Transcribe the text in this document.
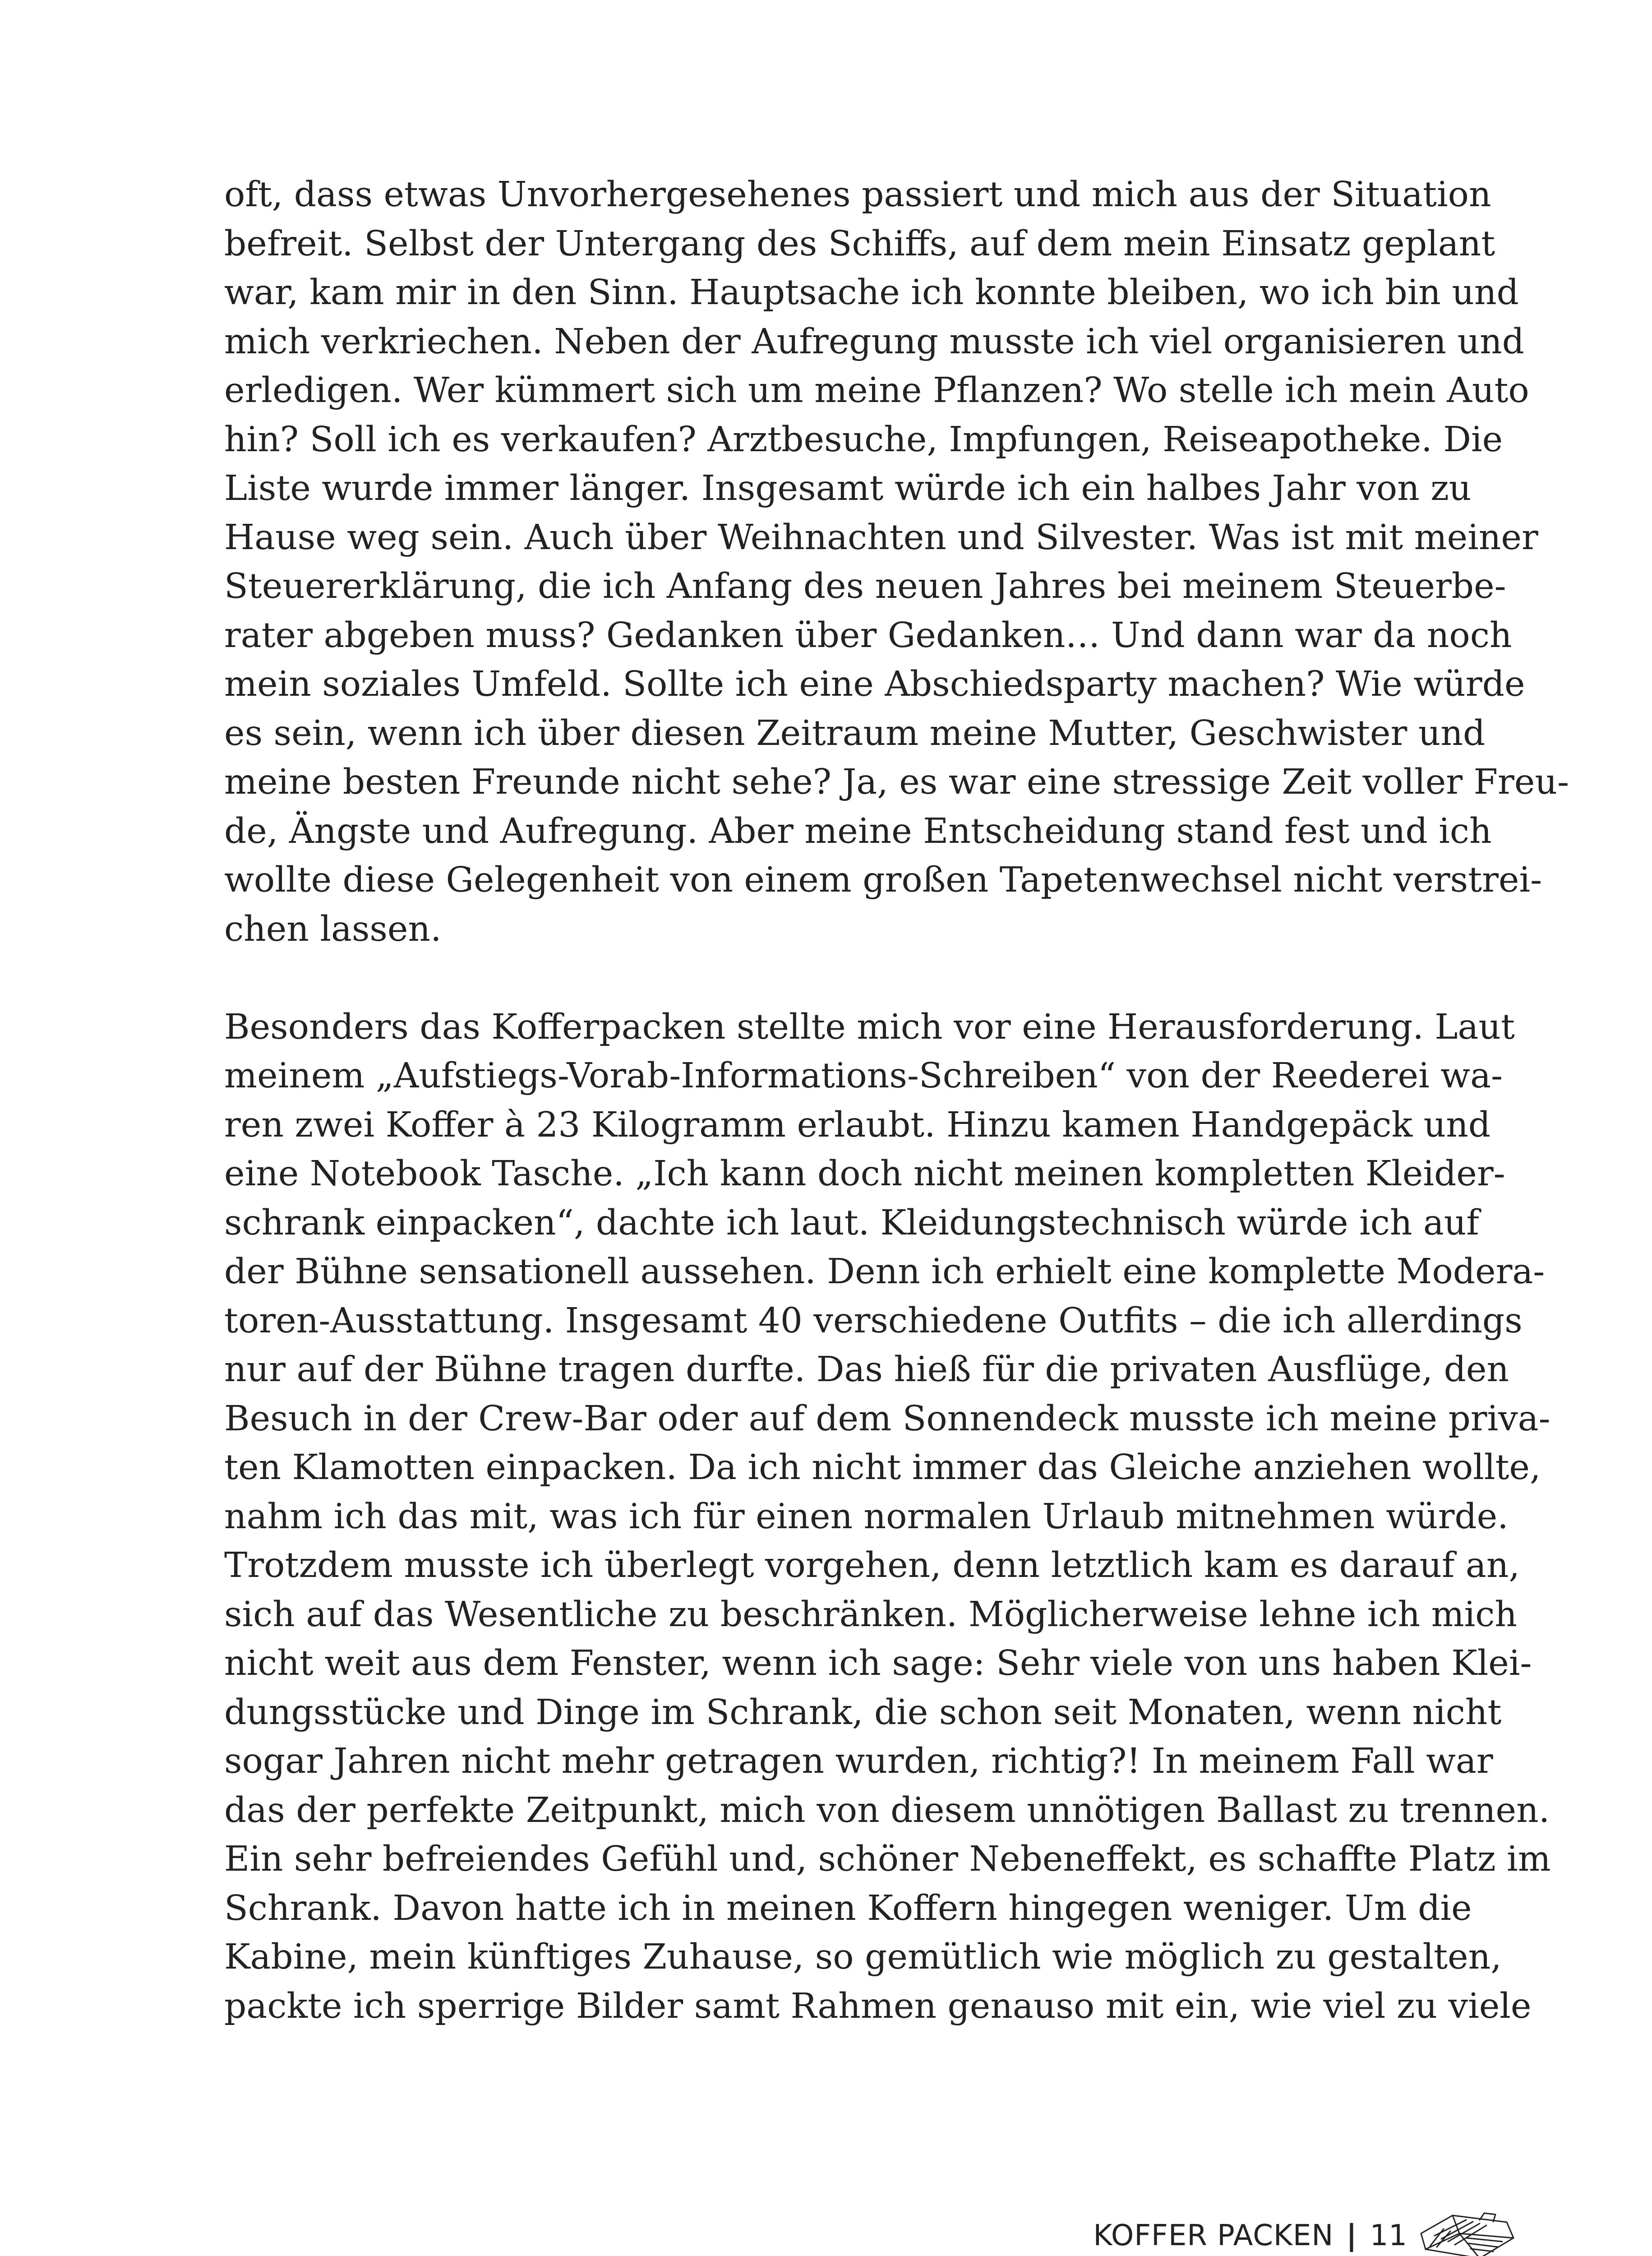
oft, dass etwas Unvorhergesehenes passiert und mich aus der Situation
befreit. Selbst der Untergang des Schiffs, auf dem mein Einsatz geplant
war, kam mir in den Sinn. Hauptsache ich konnte bleiben, wo ich bin und
mich verkriechen. Neben der Aufregung musste ich viel organisieren und
erledigen. Wer kümmert sich um meine Pflanzen? Wo stelle ich mein Auto
hin? Soll ich es verkaufen? Arztbesuche, Impfungen, Reiseapotheke. Die
Liste wurde immer länger. Insgesamt würde ich ein halbes Jahr von zu
Hause weg sein. Auch über Weihnachten und Silvester. Was ist mit meiner
Steuererklärung, die ich Anfang des neuen Jahres bei meinem Steuerbe-
rater abgeben muss? Gedanken über Gedanken… Und dann war da noch
mein soziales Umfeld. Sollte ich eine Abschiedsparty machen? Wie würde
es sein, wenn ich über diesen Zeitraum meine Mutter, Geschwister und
meine besten Freunde nicht sehe? Ja, es war eine stressige Zeit voller Freu-
de, Ängste und Aufregung. Aber meine Entscheidung stand fest und ich
wollte diese Gelegenheit von einem großen Tapetenwechsel nicht verstrei-
chen lassen.
Besonders das Kofferpacken stellte mich vor eine Herausforderung. Laut
meinem „Aufstiegs-Vorab-Informations-Schreiben“ von der Reederei wa-
ren zwei Koffer à 23 Kilogramm erlaubt. Hinzu kamen Handgepäck und
eine Notebook Tasche. „Ich kann doch nicht meinen kompletten Kleider-
schrank einpacken“, dachte ich laut. Kleidungstechnisch würde ich auf
der Bühne sensationell aussehen. Denn ich erhielt eine komplette Modera-
toren-Ausstattung. Insgesamt 40 verschiedene Outfits – die ich allerdings
nur auf der Bühne tragen durfte. Das hieß für die privaten Ausflüge, den
Besuch in der Crew-Bar oder auf dem Sonnendeck musste ich meine priva-
ten Klamotten einpacken. Da ich nicht immer das Gleiche anziehen wollte,
nahm ich das mit, was ich für einen normalen Urlaub mitnehmen würde.
Trotzdem musste ich überlegt vorgehen, denn letztlich kam es darauf an,
sich auf das Wesentliche zu beschränken. Möglicherweise lehne ich mich
nicht weit aus dem Fenster, wenn ich sage: Sehr viele von uns haben Klei-
dungsstücke und Dinge im Schrank, die schon seit Monaten, wenn nicht
sogar Jahren nicht mehr getragen wurden, richtig?! In meinem Fall war
das der perfekte Zeitpunkt, mich von diesem unnötigen Ballast zu trennen.
Ein sehr befreiendes Gefühl und, schöner Nebeneffekt, es schaffte Platz im
Schrank. Davon hatte ich in meinen Koffern hingegen weniger. Um die
Kabine, mein künftiges Zuhause, so gemütlich wie möglich zu gestalten,
packte ich sperrige Bilder samt Rahmen genauso mit ein, wie viel zu viele
KOFFER PACKEN | 11
